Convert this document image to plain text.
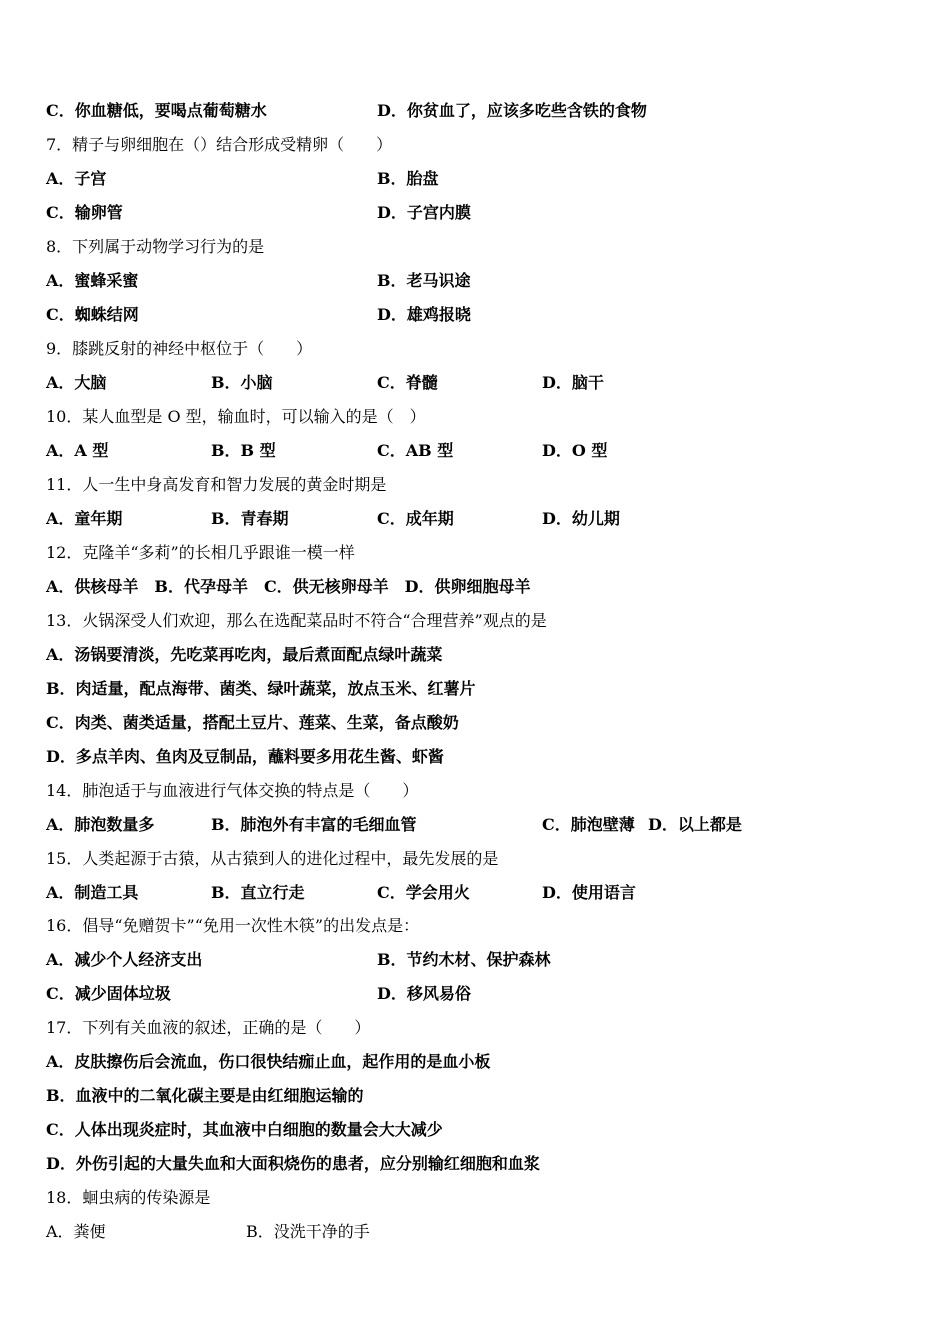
C．你血糖低，要喝点葡萄糖水	D．你贫血了，应该多吃些含铁的食物
7．精子与卵细胞在（）结合形成受精卵（　　）
A．子宫	B．胎盘
C．输卵管	D．子宫内膜
8．下列属于动物学习行为的是
A．蜜蜂采蜜	B．老马识途
C．蜘蛛结网	D．雄鸡报晓
9．膝跳反射的神经中枢位于（　　）
A．大脑	B．小脑	C．脊髓	D．脑干
10．某人血型是 O 型，输血时，可以输入的是（　）
A．A 型	B．B 型	C．AB 型	D．O 型
11．人一生中身高发育和智力发展的黄金时期是
A．童年期	B．青春期	C．成年期	D．幼儿期
12．克隆羊“多莉”的长相几乎跟谁一模一样
A．供核母羊　B．代孕母羊　C．供无核卵母羊　D．供卵细胞母羊
13．火锅深受人们欢迎，那么在选配菜品时不符合“合理营养”观点的是
A．汤锅要清淡，先吃菜再吃肉，最后煮面配点绿叶蔬菜
B．肉适量，配点海带、菌类、绿叶蔬菜，放点玉米、红薯片
C．肉类、菌类适量，搭配土豆片、莲菜、生菜，备点酸奶
D．多点羊肉、鱼肉及豆制品，蘸料要多用花生酱、虾酱
14．肺泡适于与血液进行气体交换的特点是（　　）
A．肺泡数量多	B．肺泡外有丰富的毛细血管	C．肺泡壁薄 D．以上都是
15．人类起源于古猿，从古猿到人的进化过程中，最先发展的是
A．制造工具	B．直立行走	C．学会用火	D．使用语言
16．倡导“免赠贺卡”“免用一次性木筷”的出发点是：
A．减少个人经济支出	B．节约木材、保护森林
C．减少固体垃圾	D．移风易俗
17．下列有关血液的叙述，正确的是（　　）
A．皮肤擦伤后会流血，伤口很快结痂止血，起作用的是血小板
B．血液中的二氧化碳主要是由红细胞运输的
C．人体出现炎症时，其血液中白细胞的数量会大大减少
D．外伤引起的大量失血和大面积烧伤的患者，应分别输红细胞和血浆
18．蛔虫病的传染源是
A．粪便	B．没洗干净的手
